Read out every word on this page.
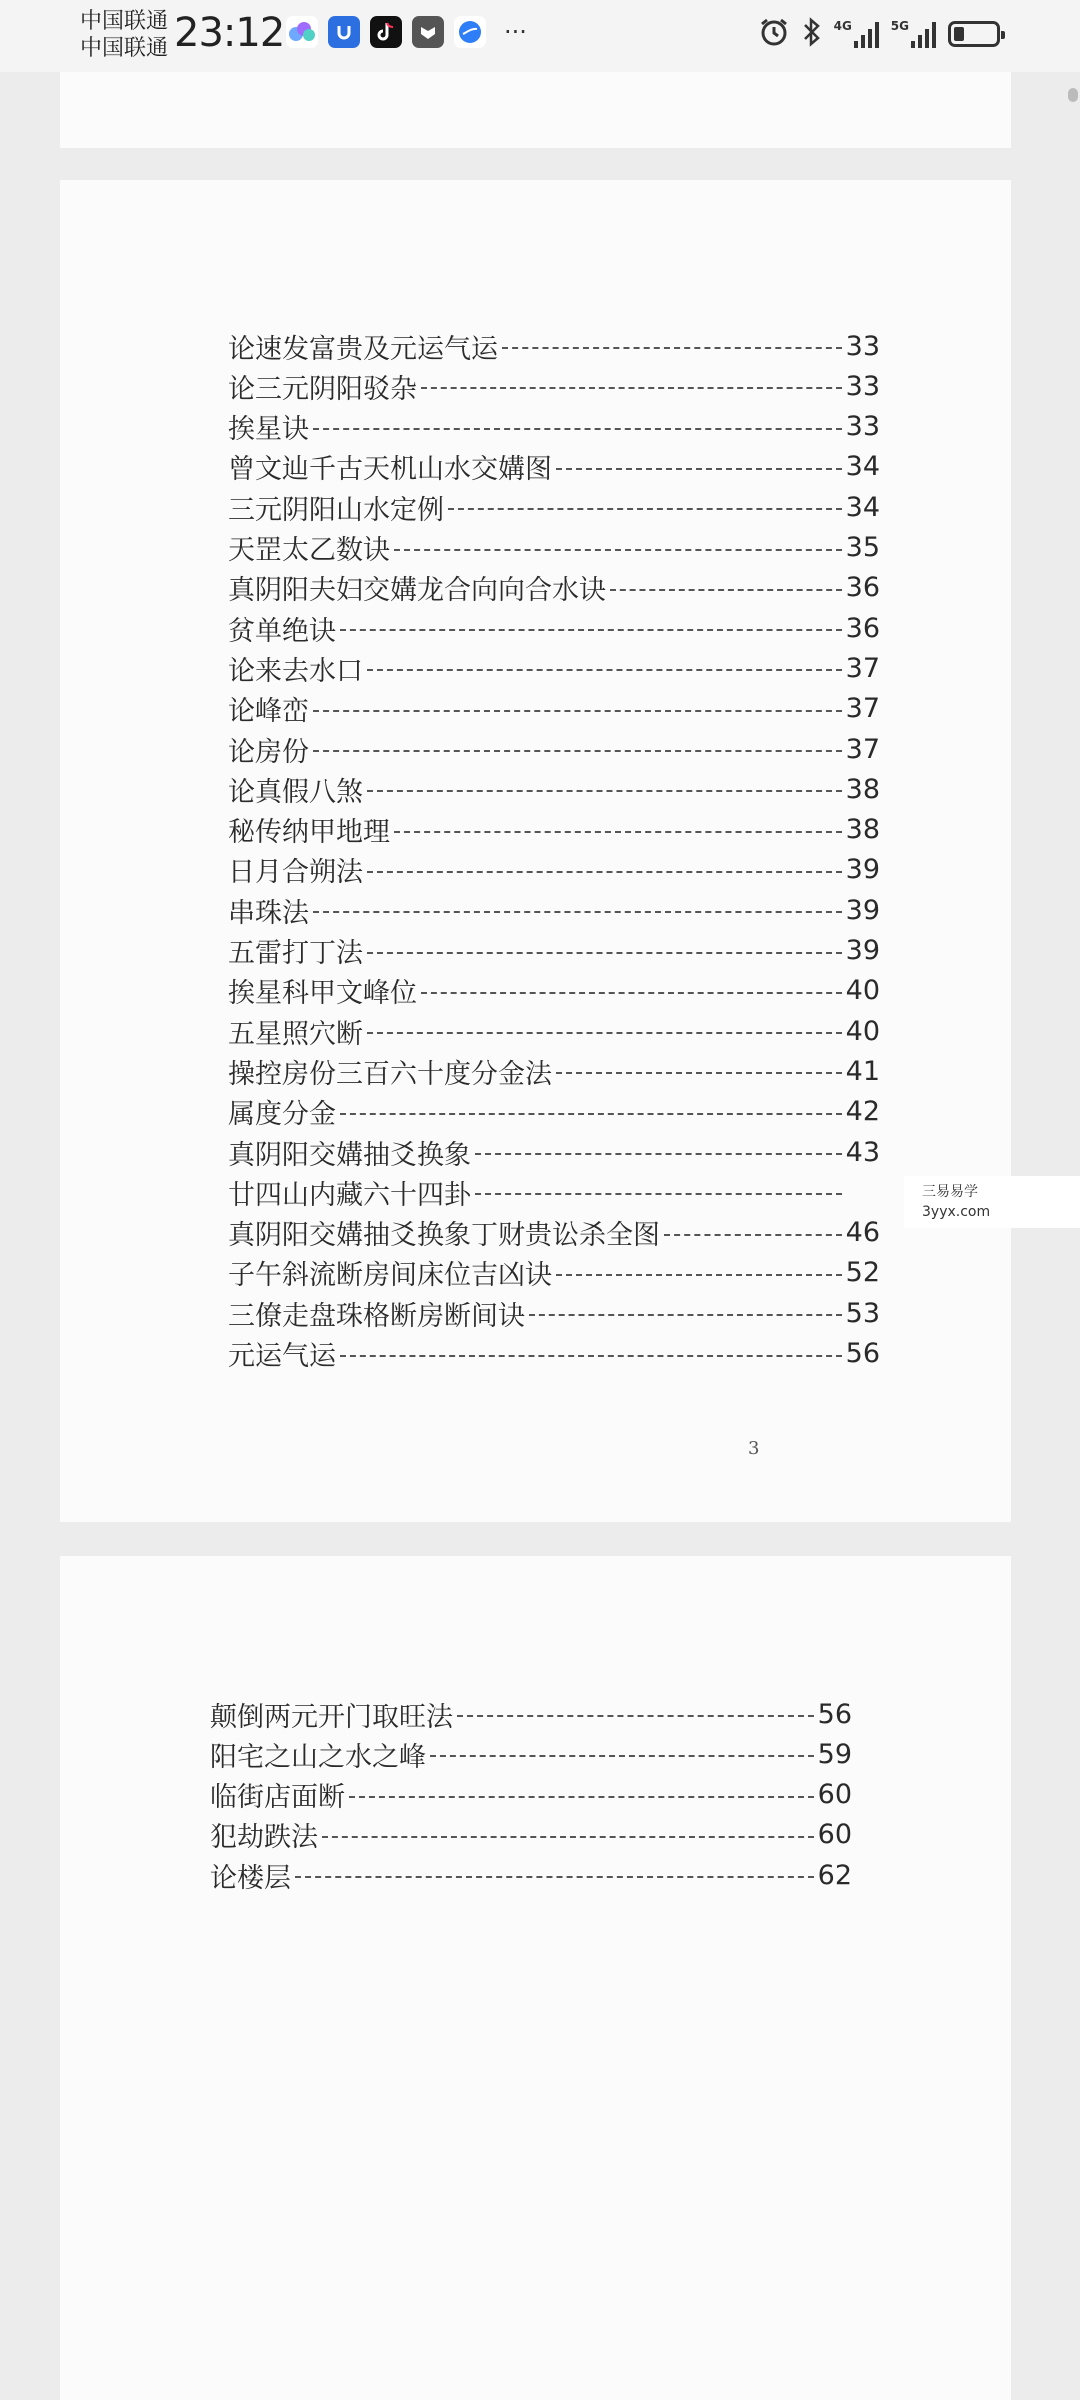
中国联通
中国联通 23:12	···	4G	5G
论速发富贵及元运气运	33
论三元阴阳驳杂	33
挨星诀	33
曾文辿千古天机山水交媾图	34
三元阴阳山水定例	34
天罡太乙数诀	35
真阴阳夫妇交媾龙合向向合水诀	36
贫单绝诀	36
论来去水口	37
论峰峦	37
论房份	37
论真假八煞	38
秘传纳甲地理	38
日月合朔法	39
串珠法	39
五雷打丁法	39
挨星科甲文峰位	40
五星照穴断	40
操控房份三百六十度分金法	41
属度分金	42
真阴阳交媾抽爻换象	43
廿四山内藏六十四卦
真阴阳交媾抽爻换象丁财贵讼杀全图	46
子午斜流断房间床位吉凶诀	52
三僚走盘珠格断房断间诀	53
元运气运	56
3
颠倒两元开门取旺法	56
阳宅之山之水之峰	59
临街店面断	60
犯劫跌法	60
论楼层	62
三易易学
3yyx.com
